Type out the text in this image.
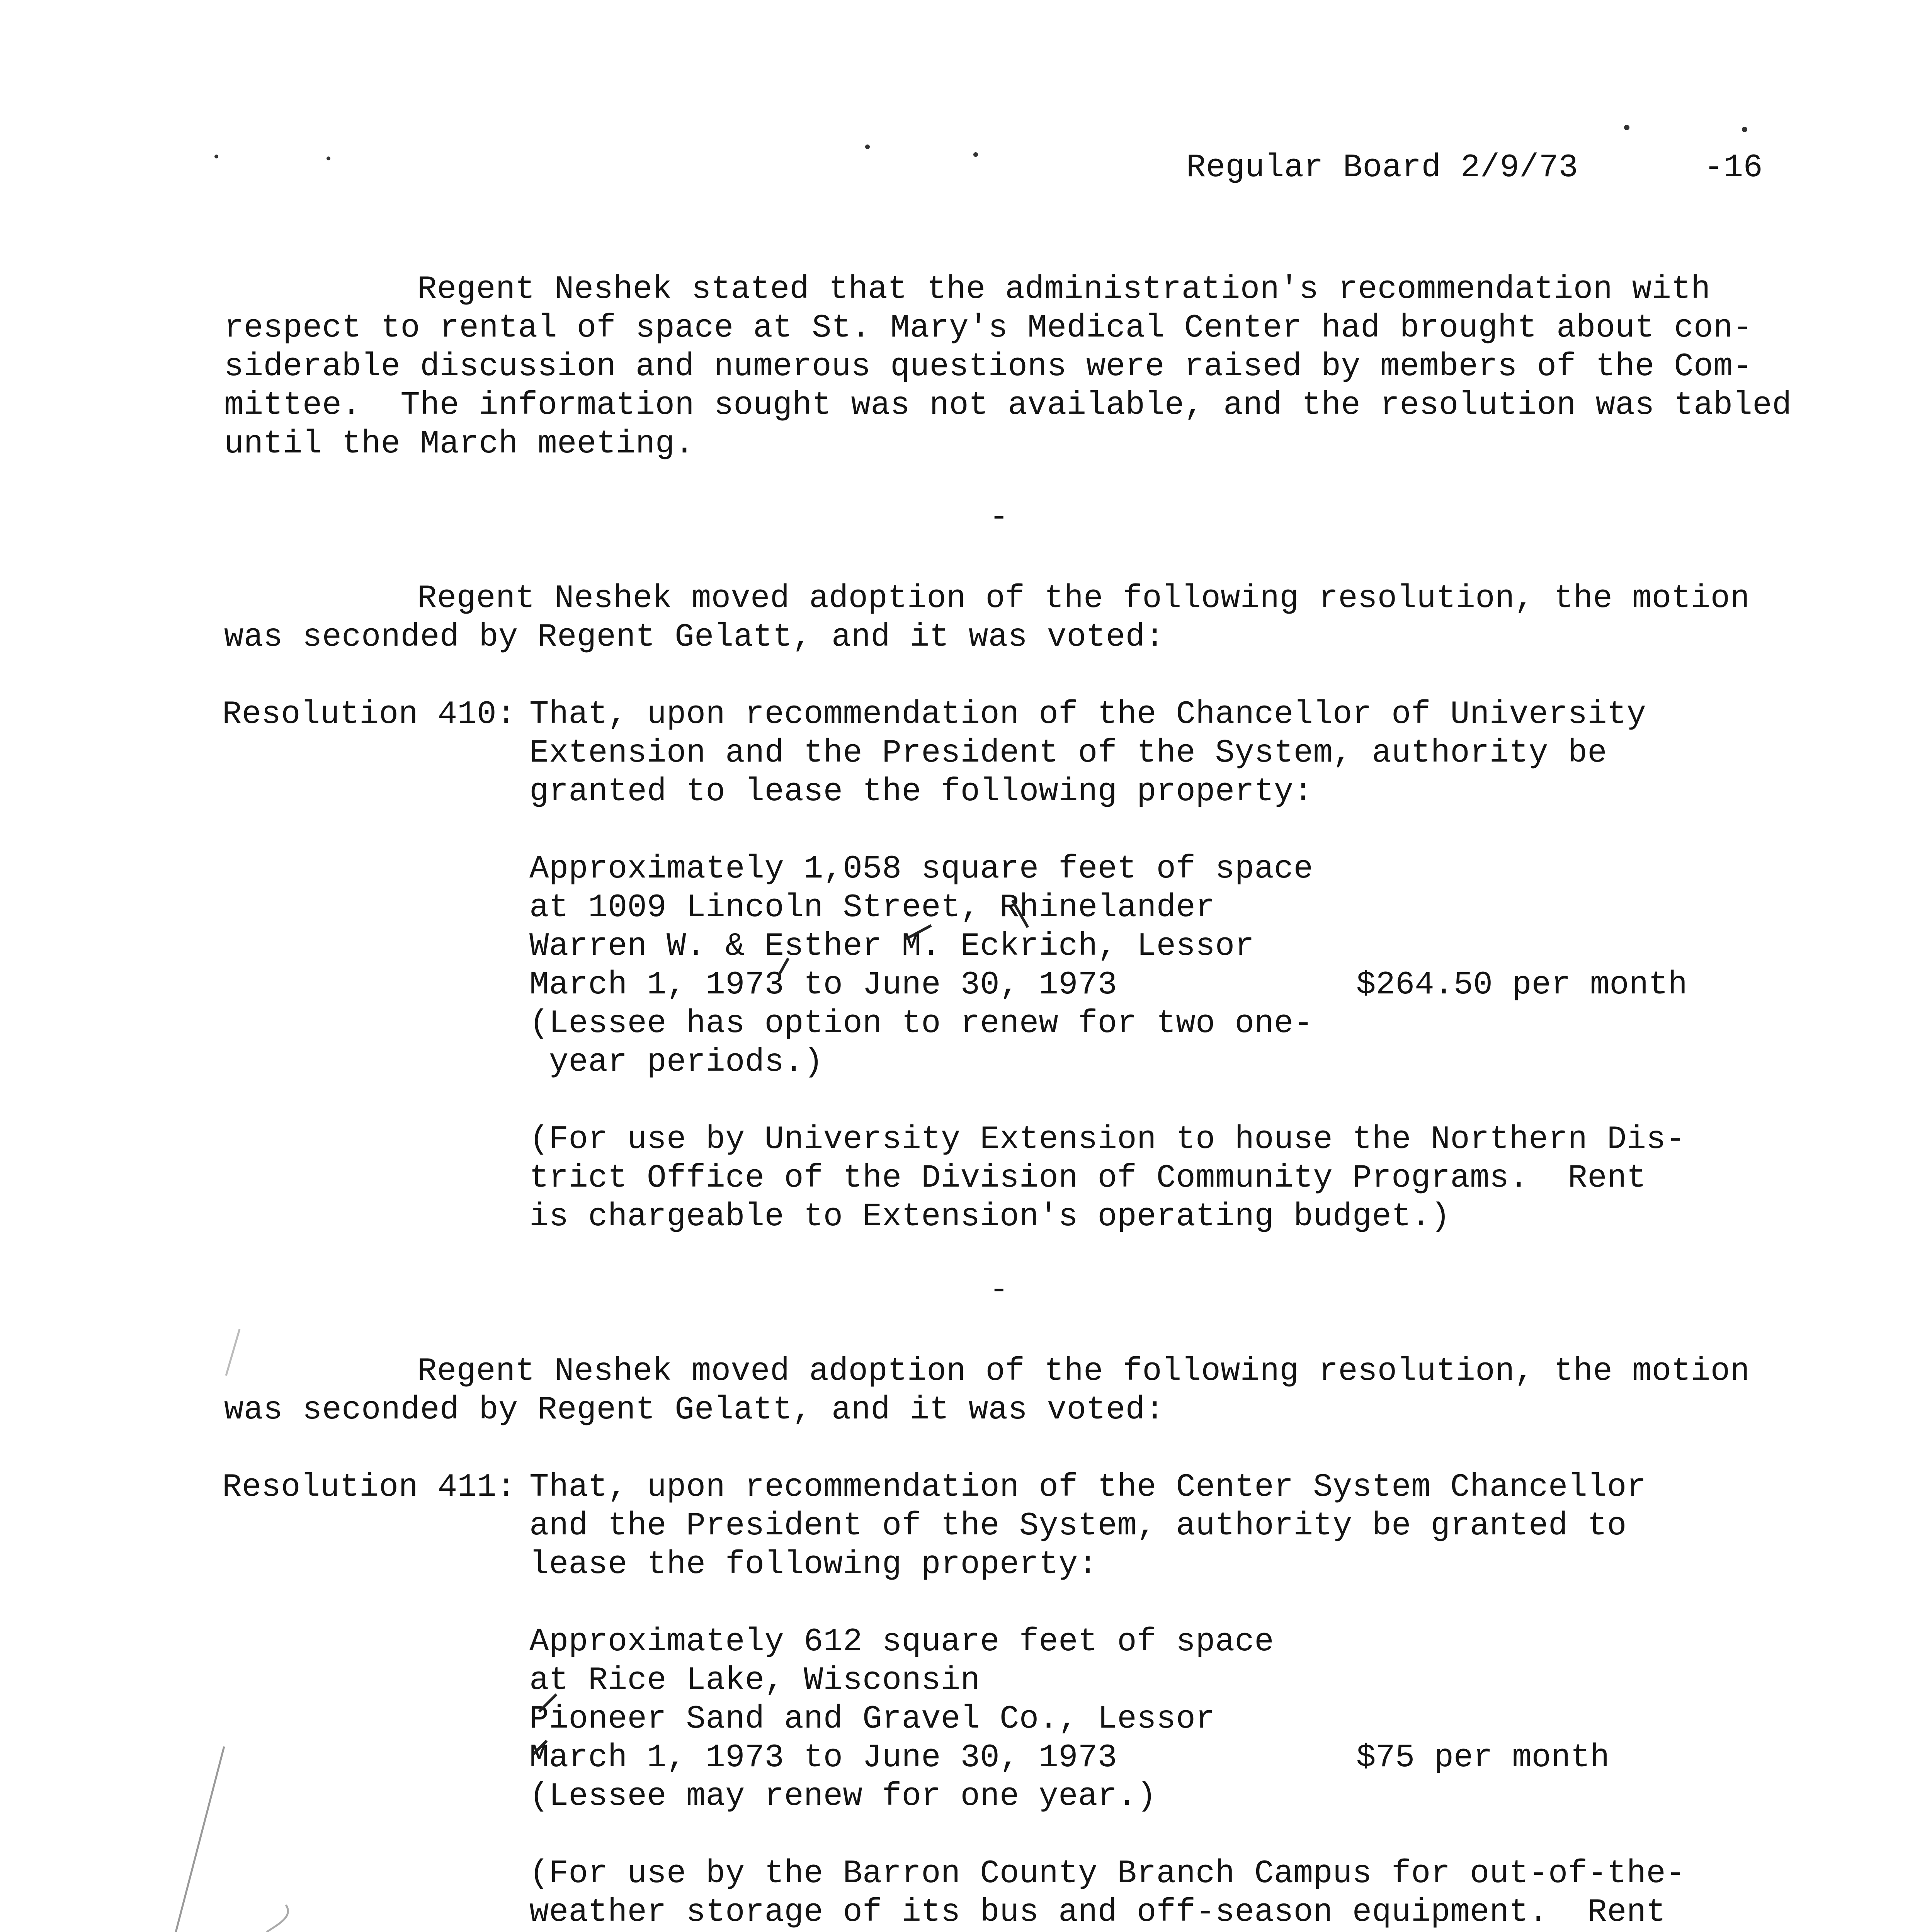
Regular Board 2/9/73	-16
Regent Neshek stated that the administration's recommendation with
respect to rental of space at St. Mary's Medical Center had brought about con-
siderable discussion and numerous questions were raised by members of the Com-
mittee.  The information sought was not available, and the resolution was tabled
until the March meeting.
-
Regent Neshek moved adoption of the following resolution, the motion
was seconded by Regent Gelatt, and it was voted:
Resolution 410: That, upon recommendation of the Chancellor of University
Extension and the President of the System, authority be
granted to lease the following property:
Approximately 1,058 square feet of space
at 1009 Lincoln Street, Rhinelander
Warren W. & Esther M. Eckrich, Lessor
March 1, 1973 to June 30, 1973	$264.50 per month
(Lessee has option to renew for two one-
year periods.)
(For use by University Extension to house the Northern Dis-
trict Office of the Division of Community Programs.  Rent
is chargeable to Extension's operating budget.)
-
Regent Neshek moved adoption of the following resolution, the motion
was seconded by Regent Gelatt, and it was voted:
Resolution 411: That, upon recommendation of the Center System Chancellor
and the President of the System, authority be granted to
lease the following property:
Approximately 612 square feet of space
at Rice Lake, Wisconsin
Pioneer Sand and Gravel Co., Lessor
March 1, 1973 to June 30, 1973	$75 per month
(Lessee may renew for one year.)
(For use by the Barron County Branch Campus for out-of-the-
weather storage of its bus and off-season equipment.  Rent
